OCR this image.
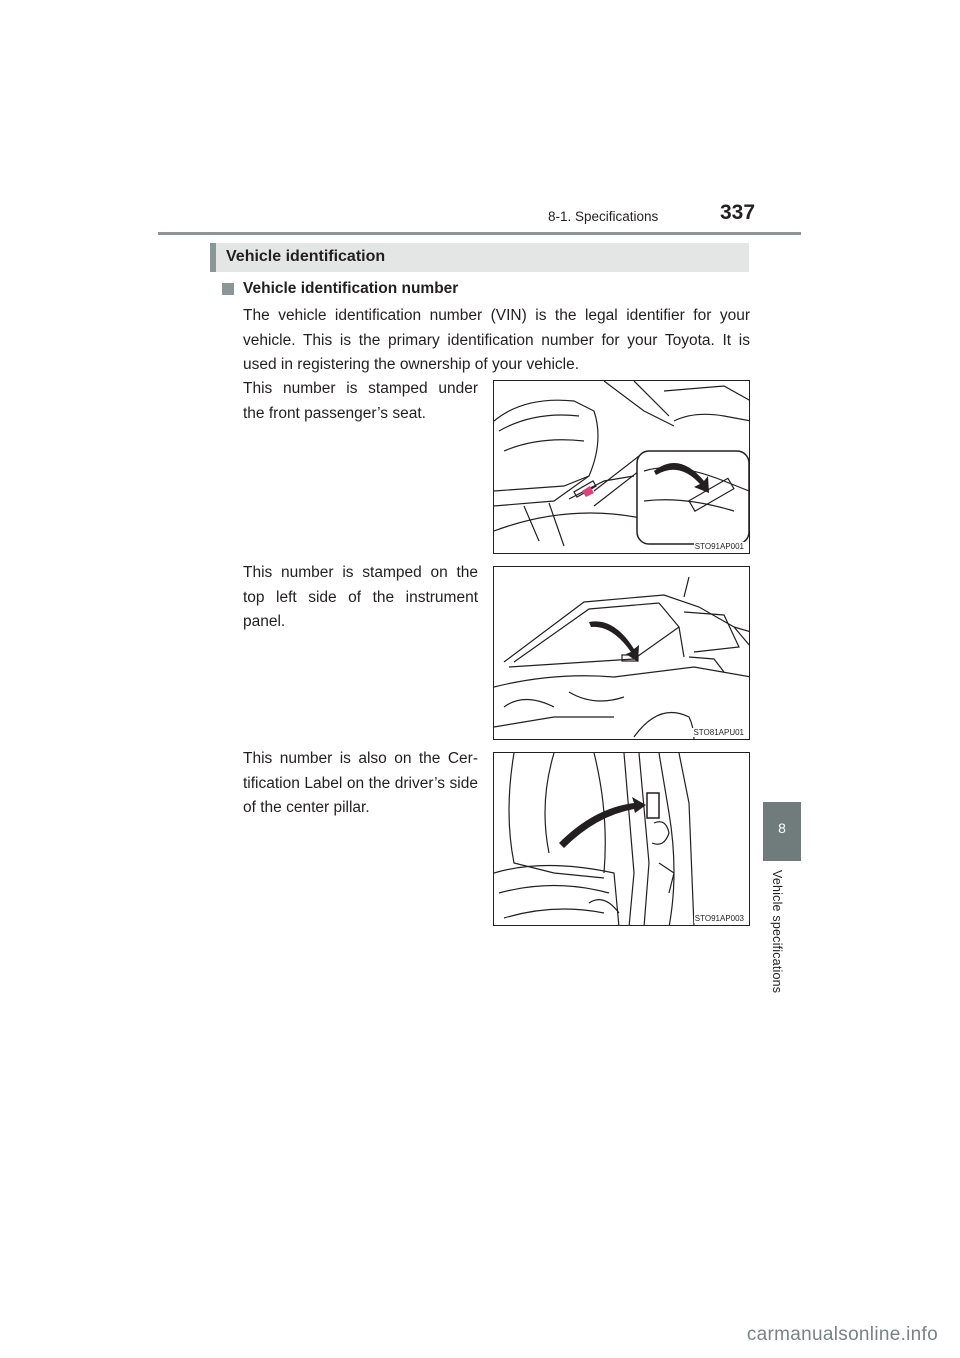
8-1. Specifications	337
8
Vehicle specifications
Vehicle identification
Vehicle identification number
The vehicle identification number (VIN) is the legal identifier for your vehicle. This is the primary identification number for your Toyota. It is used in registering the ownership of your vehicle.
This number is stamped under the front passenger’s seat.
STO91AP001
This number is stamped on the top left side of the instrument panel.
STO81APU01
This number is also on the Cer-tification Label on the driver’s side of the center pillar.
STO91AP003
carmanualsonline.info
